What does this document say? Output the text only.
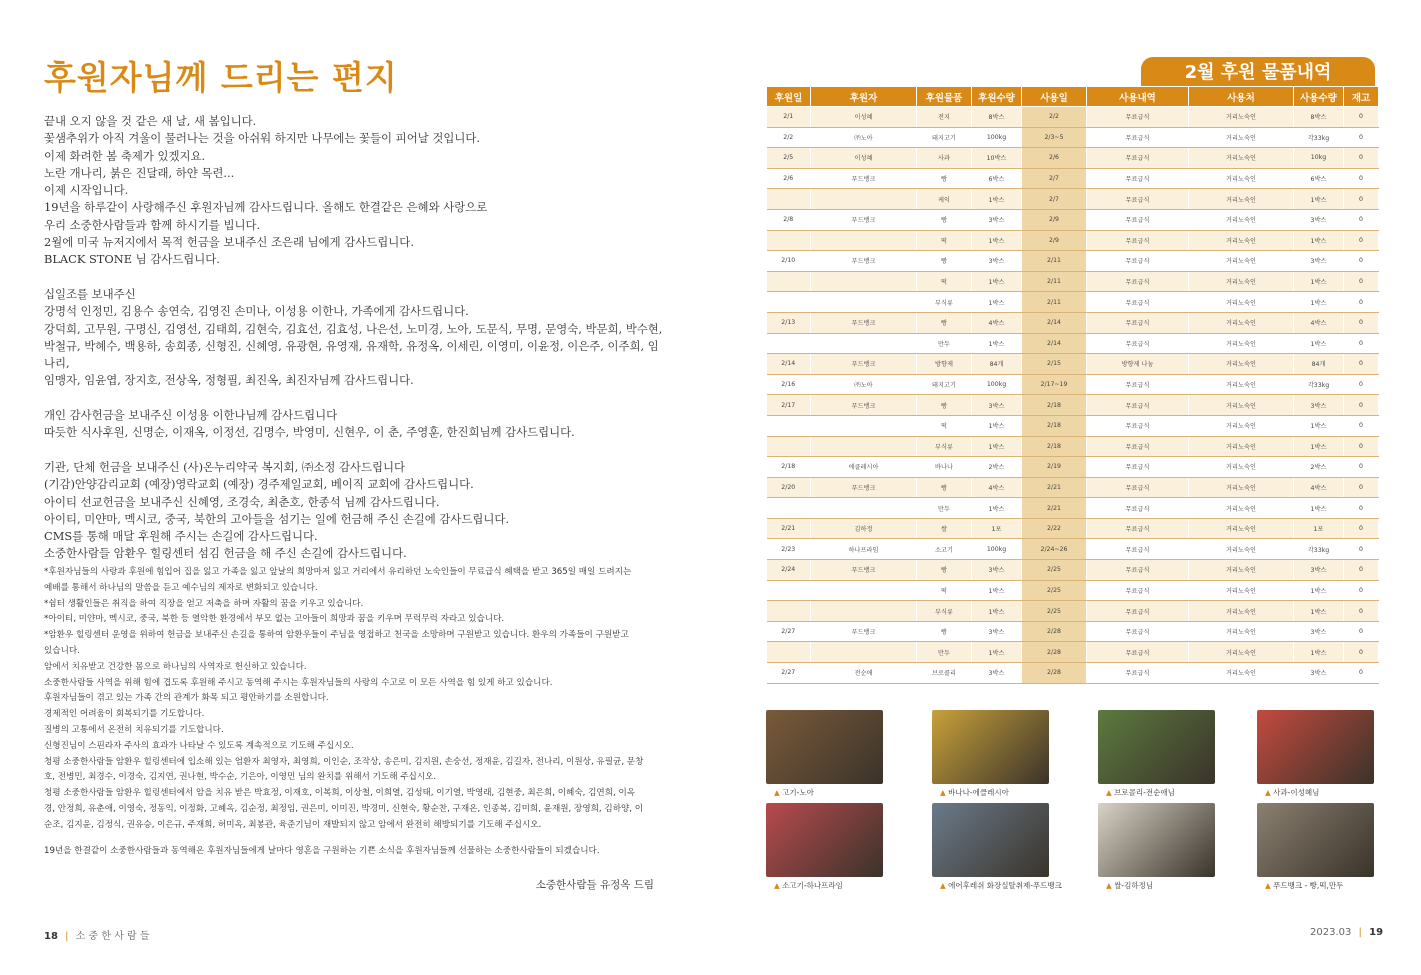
후원자님께 드리는 편지
끝내 오지 않을 것 같은 새 날, 새 봄입니다.
꽃샘추위가 아직 겨울이 물러나는 것을 아쉬워 하지만 나무에는 꽃들이 피어날 것입니다.
이제 화려한 봄 축제가 있겠지요.
노란 개나리, 붉은 진달래, 하얀 목련...
이제 시작입니다.
19년을 하루같이 사랑해주신 후원자님께 감사드립니다. 올해도 한결같은 은혜와 사랑으로
우리 소중한사람들과 함께 하시기를 빕니다.
2월에 미국 뉴저지에서 목적 헌금을 보내주신 조은래 님에게 감사드립니다.
BLACK STONE 님 감사드립니다.
십일조를 보내주신
강명석 인정민, 김용수 송연숙, 김영진 손미나, 이성용 이한나, 가족에게 감사드립니다.
강덕희, 고무원, 구명신, 김영선, 김태희, 김현숙, 김효선, 김효성, 나은선, 노미경, 노아, 도문식, 무명, 문영숙, 박문희, 박수현,
박철규, 박혜수, 백용하, 송희종, 신형진, 신혜영, 유광현, 유영재, 유재학, 유정옥, 이세린, 이영미, 이윤정, 이은주, 이주희, 임나리,
임맹자, 임윤엽, 장지호, 전상옥, 정형필, 최진옥, 최진자님께 감사드립니다.
개인 감사헌금을 보내주신 이성용 이한나님께 감사드립니다
따듯한 식사후원, 신명순, 이재옥, 이정선, 김명수, 박영미, 신현우, 이 춘, 주영훈, 한진희님께 감사드립니다.
기관, 단체 헌금을 보내주신 (사)온누리약국 복지회, ㈜소정 감사드립니다
(기감)안양감리교회 (예장)영락교회 (예장) 경주제일교회, 베이직 교회에 감사드립니다.
아이티 선교헌금을 보내주신 신혜영, 조경숙, 최춘호, 한종석 님께 감사드립니다.
아이티, 미얀마, 멕시코, 중국, 북한의 고아들을 섬기는 일에 헌금해 주신 손길에 감사드립니다.
CMS를 통해 매달 후원해 주시는 손길에 감사드립니다.
소중한사람들 암환우 힐링센터 섬김 헌금을 해 주신 손길에 감사드립니다.
*후원자님들의 사랑과 후원에 힘입어 집을 잃고 가족을 잃고 앞날의 희망마저 잃고 거리에서 유리하던 노숙인들이 무료급식 혜택을 받고 365일 매일 드려지는
예배를 통해서 하나님의 말씀을 듣고 예수님의 제자로 변화되고 있습니다.
*쉼터 생활인들은 취직을 하여 직장을 얻고 저축을 하며 자활의 꿈을 키우고 있습니다.
*아이티, 미얀마, 멕시코, 중국, 북한 등 열악한 환경에서 부모 없는 고아들이 희망과 꿈을 키우며 무럭무럭 자라고 있습니다.
*암환우 힐링센터 운영을 위하여 헌금을 보내주신 손길을 통하여 암환우들이 주님을 영접하고 천국을 소망하며 구원받고 있습니다. 환우의 가족들이 구원받고
있습니다.
암에서 치유받고 건강한 몸으로 하나님의 사역자로 헌신하고 있습니다.
소중한사람들 사역을 위해 힘에 겹도록 후원해 주시고 동역해 주시는 후원자님들의 사랑의 수고로 이 모든 사역을 힘 있게 하고 있습니다.
후원자님들이 겪고 있는 가족 간의 관계가 화목 되고 평안하기를 소원합니다.
경제적인 어려움이 회복되기를 기도합니다.
질병의 고통에서 온전히 치유되기를 기도합니다.
신형진님이 스핀라자 주사의 효과가 나타날 수 있도록 계속적으로 기도해 주십시오.
청평 소중한사람들 암환우 힐링센터에 입소해 있는 엄환자 최영자, 최영희, 이인순, 조작상, 송은미, 김지원, 손숭선, 정재윤, 김길자, 전나리, 이원상, 유필균, 문창
호, 전병민, 최경수, 이경숙, 김지연, 권나현, 박수순, 기은아, 이영민 님의 완치를 위해서 기도해 주십시오.
청평 소중한사람들 암환우 힐링센터에서 암을 치유 받은 박효정, 이재호, 이복희, 이상철, 이희열, 김성태, 이기열, 박영래, 김현중, 최은희, 이혜숙, 김연희, 이옥
경, 안정희, 유춘애, 이영숙, 정동익, 이정화, 고혜옥, 김순정, 최정임, 권은미, 이미진, 박경미, 신현숙, 황순찬, 구재온, 인종복, 김미희, 윤재원, 장영희, 김하양, 이
순조, 김지윤, 김정식, 권유승, 이은규, 주재희, 허미옥, 최봉관, 육준기님이 재발되지 않고 암에서 완전히 해방되기를 기도해 주십시오.
19년을 한결같이 소중한사람들과 동역해온 후원자님들에게 날마다 영혼을 구원하는 기쁜 소식을 후원자님들께 선물하는 소중한사람들이 되겠습니다.
소중한사람들 유정옥 드림
18 | 소 중 한 사 람 들	2023.03 | 19
2월 후원 물품내역
후원일	후원자	후원물품	후원수량	사용일	사용내역	사용처	사용수량	재고
2/1	이성혜	전지	8박스	2/2	무료급식	거리노숙인	8박스	0
2/2	㈜노아	돼지고기	100kg	2/3~5	무료급식	거리노숙인	각33kg	0
2/5	이성혜	사과	10박스	2/6	무료급식	거리노숙인	10kg	0
2/6	푸드뱅크	빵	6박스	2/7	무료급식	거리노숙인	6박스	0
		케익	1박스	2/7	무료급식	거리노숙인	1박스	0
2/8	푸드뱅크	빵	3박스	2/9	무료급식	거리노숙인	3박스	0
		떡	1박스	2/9	무료급식	거리노숙인	1박스	0
2/10	푸드뱅크	빵	3박스	2/11	무료급식	거리노숙인	3박스	0
		떡	1박스	2/11	무료급식	거리노숙인	1박스	0
		부식류	1박스	2/11	무료급식	거리노숙인	1박스	0
2/13	푸드뱅크	빵	4박스	2/14	무료급식	거리노숙인	4박스	0
		만두	1박스	2/14	무료급식	거리노숙인	1박스	0
2/14	푸드뱅크	방향제	84개	2/15	방향제 나눔	거리노숙인	84개	0
2/16	㈜노아	돼지고기	100kg	2/17~19	무료급식	거리노숙인	각33kg	0
2/17	푸드뱅크	빵	3박스	2/18	무료급식	거리노숙인	3박스	0
		떡	1박스	2/18	무료급식	거리노숙인	1박스	0
		부식류	1박스	2/18	무료급식	거리노숙인	1박스	0
2/18	에클레시아	바나나	2박스	2/19	무료급식	거리노숙인	2박스	0
2/20	푸드뱅크	빵	4박스	2/21	무료급식	거리노숙인	4박스	0
		만두	1박스	2/21	무료급식	거리노숙인	1박스	0
2/21	김하정	쌀	1포	2/22	무료급식	거리노숙인	1포	0
2/23	하나프라임	소고기	100kg	2/24~26	무료급식	거리노숙인	각33kg	0
2/24	푸드뱅크	빵	3박스	2/25	무료급식	거리노숙인	3박스	0
		떡	1박스	2/25	무료급식	거리노숙인	1박스	0
		부식류	1박스	2/25	무료급식	거리노숙인	1박스	0
2/27	푸드뱅크	빵	3박스	2/28	무료급식	거리노숙인	3박스	0
		만두	1박스	2/28	무료급식	거리노숙인	1박스	0
2/27	전순애	브로콜리	3박스	2/28	무료급식	거리노숙인	3박스	0
▲ 고기-노아	▲ 바나나-에클레시아	▲ 브로콜리-전순애님	▲ 사과-이성혜님
▲ 소고기-하나프라임	▲ 에어후레쉬 화장실탈취제-푸드뱅크	▲ 쌀-김하정님	▲ 푸드뱅크 - 빵,떡,만두
